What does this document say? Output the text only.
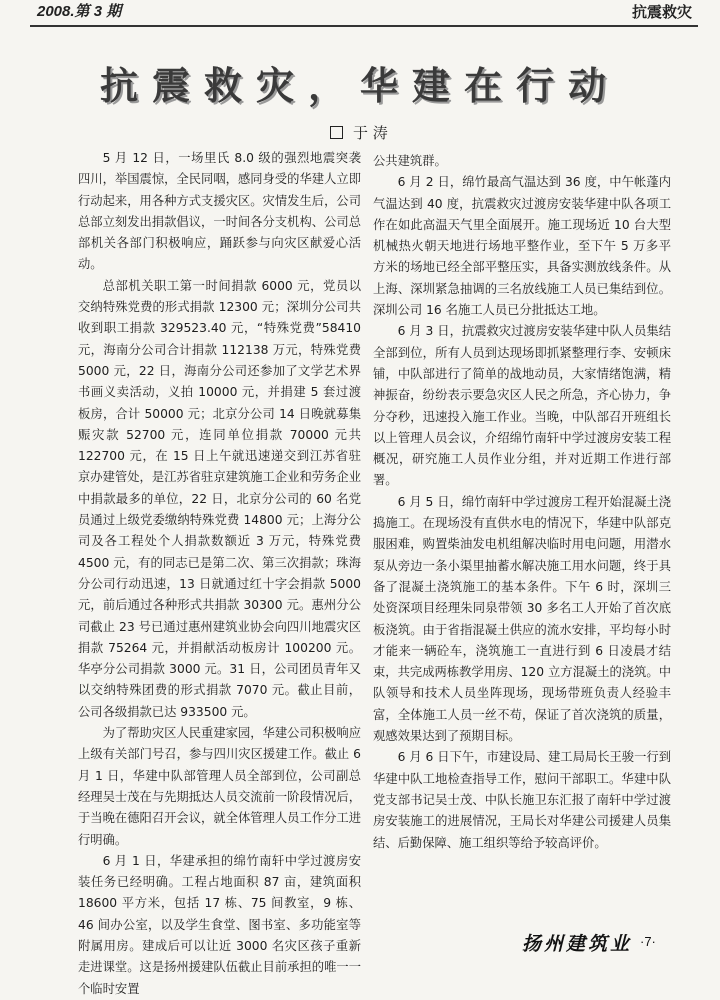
2008.第 3 期	抗震救灾
抗震救灾，华建在行动
于 涛

5 月 12 日，一场里氏 8.0 级的强烈地震突袭四川，举国震惊，全民同咽，感同身受的华建人立即行动起来，用各种方式支援灾区。灾情发生后，公司总部立刻发出捐款倡议，一时间各分支机构、公司总部机关各部门积极响应，踊跃参与向灾区献爱心活动。

总部机关职工第一时间捐款 6000 元，党员以交纳特殊党费的形式捐款 12300 元；深圳分公司共收到职工捐款 329523.40 元，“特殊党费”58410 元，海南分公司合计捐款 112138 万元，特殊党费 5000 元，22 日，海南分公司还参加了文学艺术界书画义卖活动，义拍 10000 元，并捐建 5 套过渡板房，合计 50000 元；北京分公司 14 日晚就募集赈灾款 52700 元，连同单位捐款 70000 元共 122700 元，在 15 日上午就迅速递交到江苏省驻京办建管处，是江苏省驻京建筑施工企业和劳务企业中捐款最多的单位，22 日，北京分公司的 60 名党员通过上级党委缴纳特殊党费 14800 元；上海分公司及各工程处个人捐款数额近 3 万元，特殊党费 4500 元，有的同志已是第二次、第三次捐款；珠海分公司行动迅速，13 日就通过红十字会捐款 5000 元，前后通过各种形式共捐款 30300 元。惠州分公司截止 23 号已通过惠州建筑业协会向四川地震灾区捐款 75264 元，并捐献活动板房计 100200 元。华亭分公司捐款 3000 元。31 日，公司团员青年又以交纳特殊团费的形式捐款 7070 元。截止目前，公司各级捐款已达 933500 元。

为了帮助灾区人民重建家园，华建公司积极响应上级有关部门号召，参与四川灾区援建工作。截止 6 月 1 日，华建中队部管理人员全部到位，公司副总经理吴士茂在与先期抵达人员交流前一阶段情况后，于当晚在德阳召开会议，就全体管理人员工作分工进行明确。

6 月 1 日，华建承担的绵竹南轩中学过渡房安装任务已经明确。工程占地面积 87 亩，建筑面积 18600 平方米，包括 17 栋、75 间教室，9 栋、46 间办公室，以及学生食堂、图书室、多功能室等附属用房。建成后可以让近 3000 名灾区孩子重新走进课堂。这是扬州援建队伍截止目前承担的唯一一个临时安置

公共建筑群。

6 月 2 日，绵竹最高气温达到 36 度，中午帐蓬内气温达到 40 度，抗震救灾过渡房安装华建中队各项工作在如此高温天气里全面展开。施工现场近 10 台大型机械热火朝天地进行场地平整作业，至下午 5 万多平方米的场地已经全部平整压实，具备实测放线条件。从上海、深圳紧急抽调的三名放线施工人员已集结到位。深圳公司 16 名施工人员已分批抵达工地。

6 月 3 日，抗震救灾过渡房安装华建中队人员集结全部到位，所有人员到达现场即抓紧整理行李、安顿床铺，中队部进行了简单的战地动员，大家情绪饱满，精神振奋，纷纷表示要急灾区人民之所急，齐心协力，争分夺秒，迅速投入施工作业。当晚，中队部召开班组长以上管理人员会议，介绍绵竹南轩中学过渡房安装工程概况，研究施工人员作业分组，并对近期工作进行部署。

6 月 5 日，绵竹南轩中学过渡房工程开始混凝土浇捣施工。在现场没有直供水电的情况下，华建中队部克服困难，购置柴油发电机组解决临时用电问题，用潜水泵从旁边一条小渠里抽蓄水解决施工用水问题，终于具备了混凝土浇筑施工的基本条件。下午 6 时，深圳三处资深项目经理朱同泉带领 30 多名工人开始了首次底板浇筑。由于省指混凝土供应的流水安排，平均每小时才能来一辆砼车，浇筑施工一直进行到 6 日凌晨才结束，共完成两栋教学用房、120 立方混凝土的浇筑。中队领导和技术人员坐阵现场，现场带班负责人经验丰富，全体施工人员一丝不苟，保证了首次浇筑的质量，观感效果达到了预期目标。

6 月 6 日下午，市建设局、建工局局长王骏一行到华建中队工地检查指导工作，慰问干部职工。华建中队党支部书记吴士茂、中队长施卫东汇报了南轩中学过渡房安装施工的进展情况，王局长对华建公司援建人员集结、后勤保障、施工组织等给予较高评价。

扬州建筑业 ·7·
